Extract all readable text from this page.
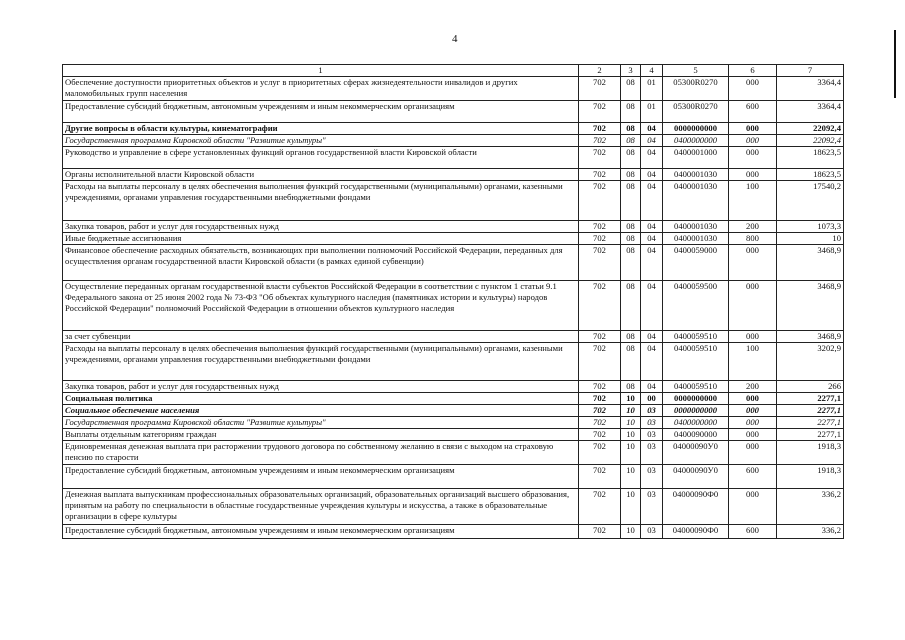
4
1	2	3	4	5	6	7
Обеспечение доступности приоритетных объектов и услуг в приоритетных сферах жизнедеятельности инвалидов и других маломобильных групп населения	702	08	01	05300R0270	000	3364,4
Предоставление субсидий бюджетным, автономным учреждениям и иным некоммерческим организациям	702	08	01	05300R0270	600	3364,4
Другие вопросы в области культуры, кинематографии	702	08	04	0000000000	000	22092,4
Государственная программа Кировской области "Развитие культуры"	702	08	04	0400000000	000	22092,4
Руководство и управление в сфере установленных функций органов государственной власти Кировской области	702	08	04	0400001000	000	18623,5
Органы исполнительной власти Кировской области	702	08	04	0400001030	000	18623,5
Расходы на выплаты персоналу в целях обеспечения выполнения функций государственными (муниципальными) органами, казенными учреждениями, органами управления государственными внебюджетными фондами	702	08	04	0400001030	100	17540,2
Закупка товаров, работ и услуг для государственных нужд	702	08	04	0400001030	200	1073,3
Иные бюджетные ассигнования	702	08	04	0400001030	800	10
Финансовое обеспечение расходных обязательств, возникающих при выполнении полномочий Российской Федерации, переданных для осуществления органам государственной власти Кировской области (в рамках единой субвенции)	702	08	04	0400059000	000	3468,9
Осуществление переданных органам государственной власти субъектов Российской Федерации в соответствии с пунктом 1 статьи 9.1 Федерального закона от 25 июня 2002 года № 73-ФЗ "Об объектах культурного наследия (памятниках истории и культуры) народов Российской Федерации" полномочий Российской Федерации в отношении объектов культурного наследия	702	08	04	0400059500	000	3468,9
за счет субвенции	702	08	04	0400059510	000	3468,9
Расходы на выплаты персоналу в целях обеспечения выполнения функций государственными (муниципальными) органами, казенными учреждениями, органами управления государственными внебюджетными фондами	702	08	04	0400059510	100	3202,9
Закупка товаров, работ и услуг для государственных нужд	702	08	04	0400059510	200	266
Социальная политика	702	10	00	0000000000	000	2277,1
Социальное обеспечение населения	702	10	03	0000000000	000	2277,1
Государственная программа Кировской области "Развитие культуры"	702	10	03	0400000000	000	2277,1
Выплаты отдельным категориям граждан	702	10	03	0400090000	000	2277,1
Единовременная денежная выплата при расторжении трудового договора по собственному желанию в связи с выходом на страховую пенсию по старости	702	10	03	04000090У0	000	1918,3
Предоставление субсидий бюджетным, автономным учреждениям и иным некоммерческим организациям	702	10	03	04000090У0	600	1918,3
Денежная выплата выпускникам профессиональных образовательных организаций, образовательных организаций высшего образования, принятым на работу по специальности в областные государственные учреждения культуры и искусства, а также в образовательные организации в сфере культуры	702	10	03	04000090Ф0	000	336,2
Предоставление субсидий бюджетным, автономным учреждениям и иным некоммерческим организациям	702	10	03	04000090Ф0	600	336,2
